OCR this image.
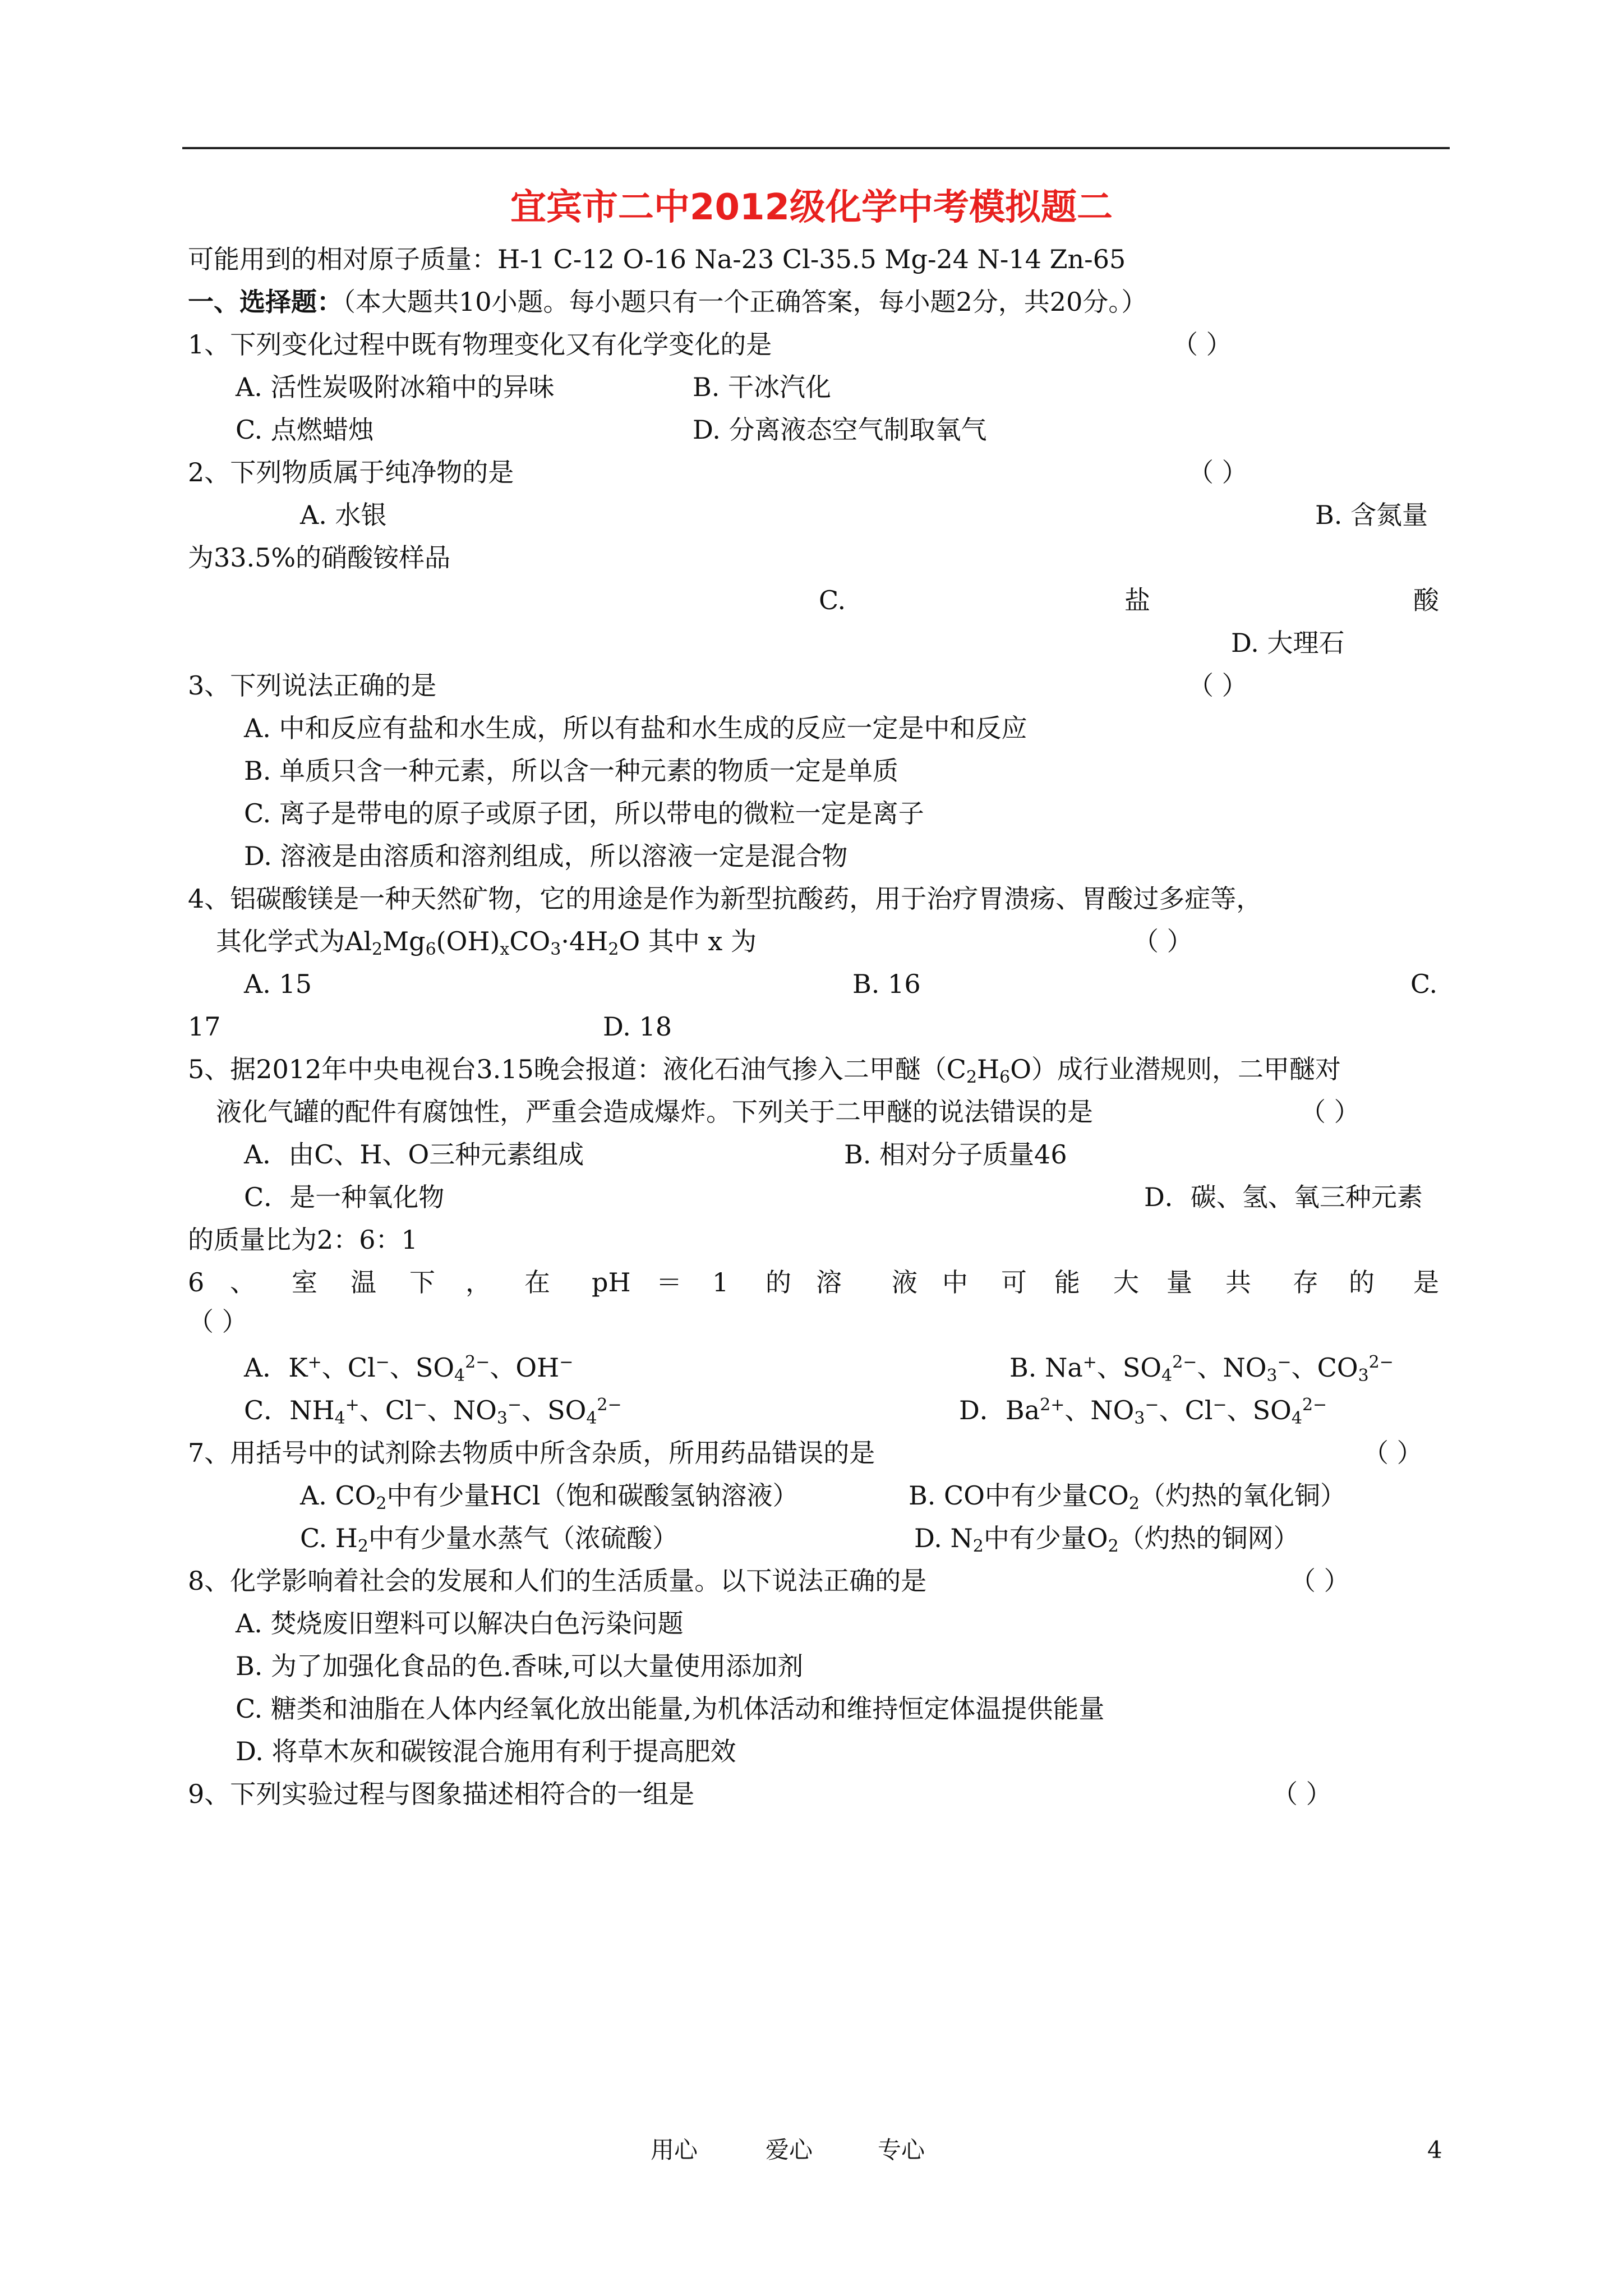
宜宾市二中2012级化学中考模拟题二
可能用到的相对原子质量：H-1 C-12 O-16 Na-23 Cl-35.5 Mg-24 N-14 Zn-65
一、选择题：（本大题共10小题。每小题只有一个正确答案，每小题2分，共20分。）
1、下列变化过程中既有物理变化又有化学变化的是	（ ）
A. 活性炭吸附冰箱中的异味	B. 干冰汽化
C. 点燃蜡烛	D. 分离液态空气制取氧气
2、下列物质属于纯净物的是	（ ）
A. 水银	B. 含氮量
为33.5%的硝酸铵样品
C.	盐	酸
D. 大理石
3、下列说法正确的是	（ ）
A. 中和反应有盐和水生成，所以有盐和水生成的反应一定是中和反应
B. 单质只含一种元素，所以含一种元素的物质一定是单质
C. 离子是带电的原子或原子团，所以带电的微粒一定是离子
D. 溶液是由溶质和溶剂组成，所以溶液一定是混合物
4、铝碳酸镁是一种天然矿物，它的用途是作为新型抗酸药，用于治疗胃溃疡、胃酸过多症等，
其化学式为$Al_2Mg_6(OH)_xCO_3\cdot 4H_2O$ 其中 x 为	（ ）
A. 15	B. 16	C.
17	D. 18
5、据2012年中央电视台3.15晚会报道：液化石油气掺入二甲醚$(C_2H_6O)$成行业潜规则，二甲醚对
液化气罐的配件有腐蚀性，严重会造成爆炸。下列关于二甲醚的说法错误的是	（ ）
A．由C、H、O三种元素组成	B. 相对分子质量46
C．是一种氧化物	D．碳、氢、氧三种元素
的质量比为2：6：1
6 、 室 温 下 ， 在 pH ＝ 1 的 溶 液 中 可 能 大 量 共 存 的 是
（ ）
A．K+、Cl−、$SO_4^{2-}$、OH−	B. Na+、$SO_4^{2-}$、$NO_3^-$、$CO_3^{2-}$
C．$NH_4^+$、Cl−、$NO_3^-$、$SO_4^{2-}$	D．$Ba^{2+}$、$NO_3^-$、Cl−、$SO_4^{2-}$
7、用括号中的试剂除去物质中所含杂质，所用药品错误的是	（ ）
A. $CO_2$中有少量HCl（饱和碳酸氢钠溶液）	B. CO中有少量$CO_2$（灼热的氧化铜）
C. $H_2$中有少量水蒸气（浓硫酸）	D. $N_2$中有少量$O_2$（灼热的铜网）
8、化学影响着社会的发展和人们的生活质量。以下说法正确的是	（ ）
A. 焚烧废旧塑料可以解决白色污染问题
B. 为了加强化食品的色.香味,可以大量使用添加剂
C. 糖类和油脂在人体内经氧化放出能量,为机体活动和维持恒定体温提供能量
D. 将草木灰和碳铵混合施用有利于提高肥效
9、下列实验过程与图象描述相符合的一组是	（ ）
用心	爱心	专心	4
